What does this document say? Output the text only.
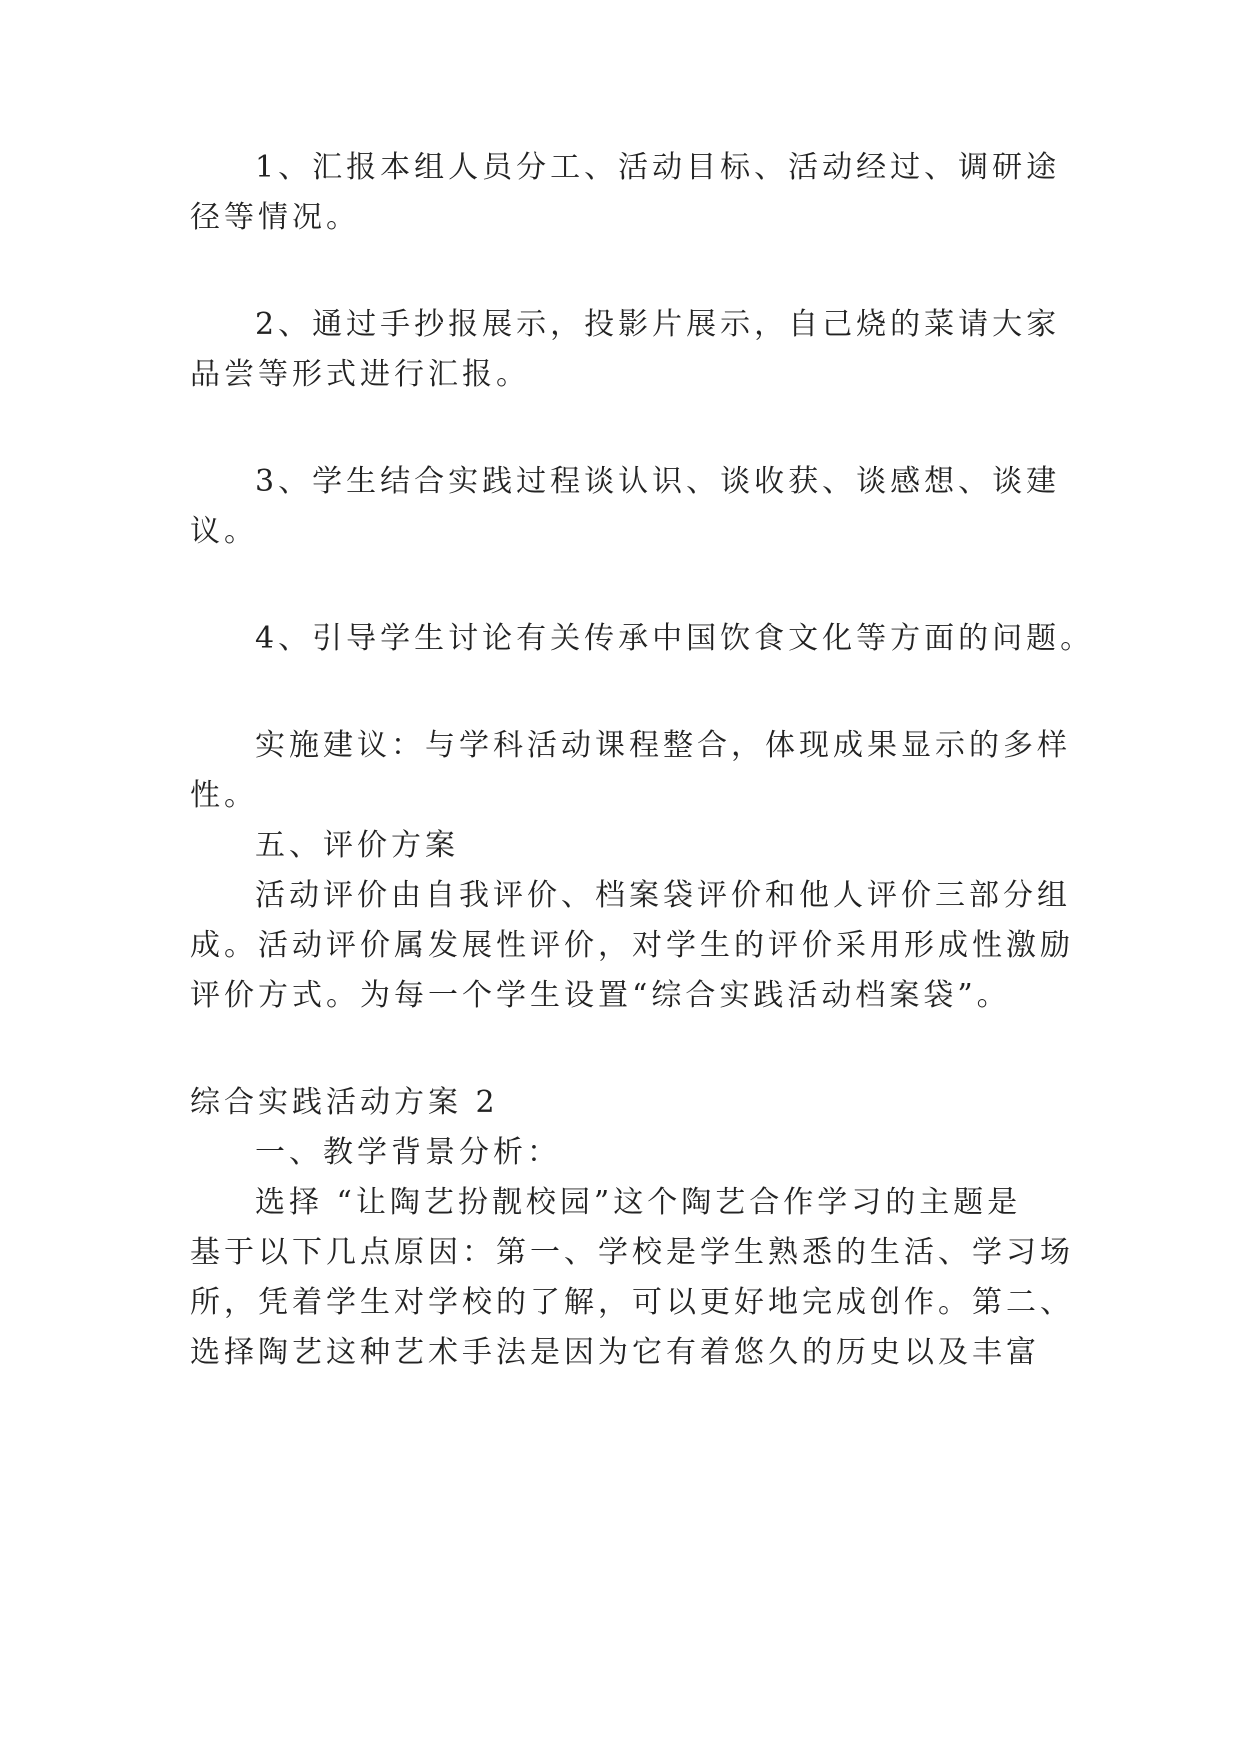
1、汇报本组人员分工、活动目标、活动经过、调研途
径等情况。
2、通过手抄报展示，投影片展示，自己烧的菜请大家
品尝等形式进行汇报。
3、学生结合实践过程谈认识、谈收获、谈感想、谈建
议。
4、引导学生讨论有关传承中国饮食文化等方面的问题。
实施建议：与学科活动课程整合，体现成果显示的多样
性。
五、评价方案
活动评价由自我评价、档案袋评价和他人评价三部分组
成。活动评价属发展性评价，对学生的评价采用形成性激励
评价方式。为每一个学生设置“综合实践活动档案袋”。
综合实践活动方案 2
一、教学背景分析：
选择 “让陶艺扮靓校园”这个陶艺合作学习的主题是
基于以下几点原因：第一、学校是学生熟悉的生活、学习场
所，凭着学生对学校的了解，可以更好地完成创作。第二、
选择陶艺这种艺术手法是因为它有着悠久的历史以及丰富
